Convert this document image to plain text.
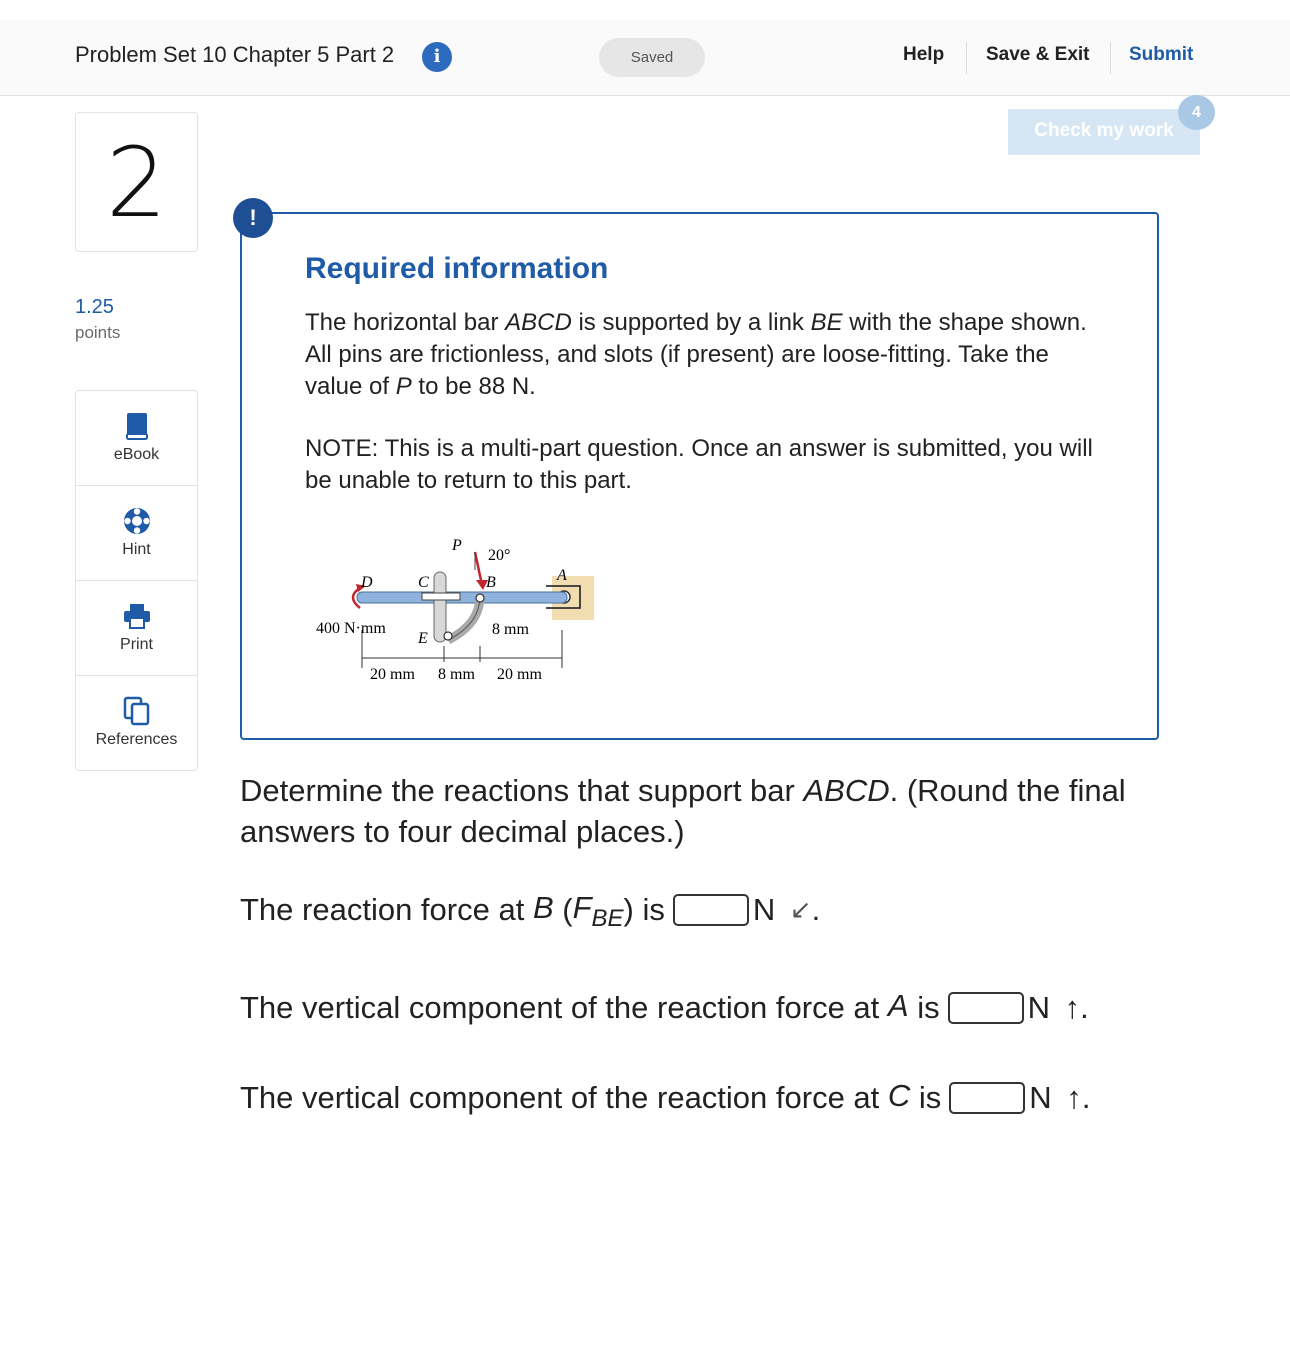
Problem Set 10 Chapter 5 Part 2	i	Saved	Help Save & Exit Submit
Check my work
4
2
1.25
points
eBook
Hint
Print
References
!
Required information
The horizontal bar ABCD is supported by a link BE with the shape shown. All pins are frictionless, and slots (if present) are loose-fitting. Take the value of P to be 88 N.
NOTE: This is a multi-part question. Once an answer is submitted, you will be unable to return to this part.
P
20°
D	C	B	A
E
400 N·mm	8 mm
20 mm 8 mm 20 mm
Determine the reactions that support bar ABCD. (Round the final answers to four decimal places.)
The reaction force at B $(F_{BE})$ is	N ↙.
The vertical component of the reaction force at A is	N ↑.
The vertical component of the reaction force at C is	N ↑.
